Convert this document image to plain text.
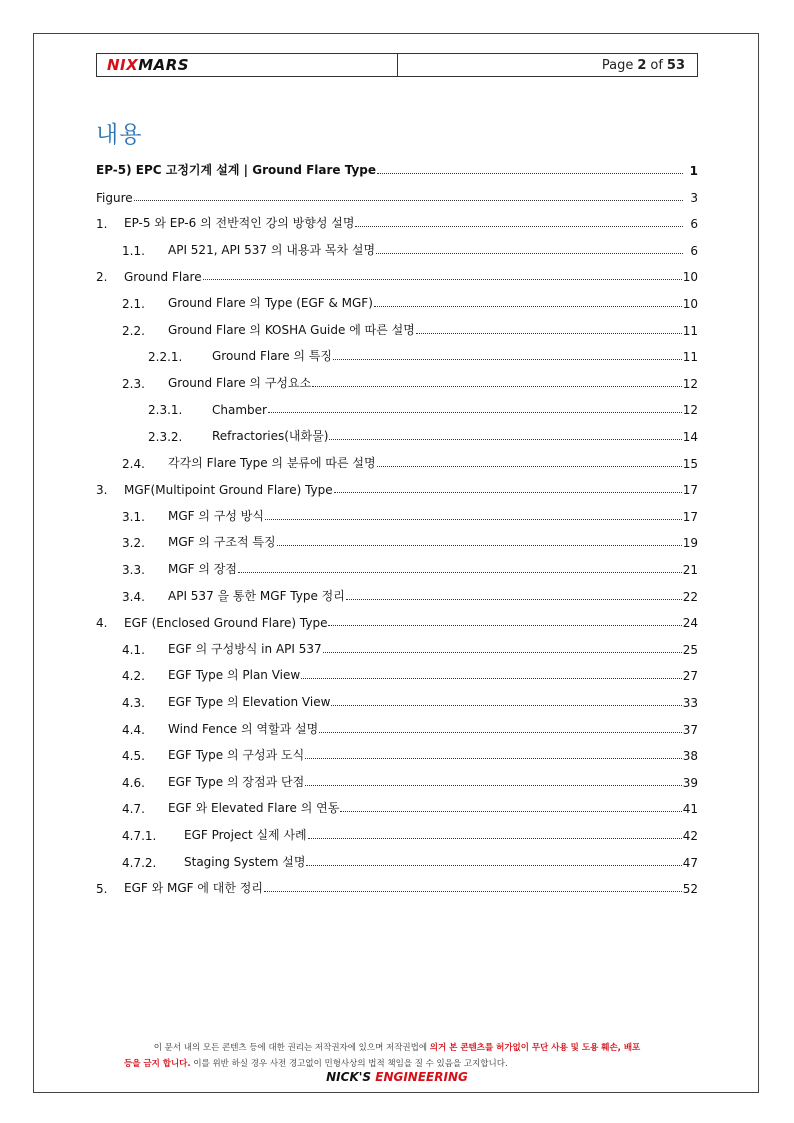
NIXMARS	Page 2 of 53
내용
EP-5) EPC 고정기계 설계 | Ground Flare Type	1
Figure	3
1.	EP-5 와 EP-6 의 전반적인 강의 방향성 설명	6
1.1.	API 521, API 537 의 내용과 목차 설명	6
2.	Ground Flare	10
2.1.	Ground Flare 의 Type (EGF & MGF)	10
2.2.	Ground Flare 의 KOSHA Guide 에 따른 설명	11
2.2.1.	Ground Flare 의 특징	11
2.3.	Ground Flare 의 구성요소	12
2.3.1.	Chamber	12
2.3.2.	Refractories(내화물)	14
2.4.	각각의 Flare Type 의 분류에 따른 설명	15
3.	MGF(Multipoint Ground Flare) Type	17
3.1.	MGF 의 구성 방식	17
3.2.	MGF 의 구조적 특징	19
3.3.	MGF 의 장점	21
3.4.	API 537 을 통한 MGF Type 정리	22
4.	EGF (Enclosed Ground Flare) Type	24
4.1.	EGF 의 구성방식 in API 537	25
4.2.	EGF Type 의 Plan View	27
4.3.	EGF Type 의 Elevation View	33
4.4.	Wind Fence 의 역할과 설명	37
4.5.	EGF Type 의 구성과 도식	38
4.6.	EGF Type 의 장점과 단점	39
4.7.	EGF 와 Elevated Flare 의 연동	41
4.7.1.	EGF Project 실제 사례	42
4.7.2.	Staging System 설명	47
5.	EGF 와 MGF 에 대한 정리	52
이 문서 내의 모든 콘텐츠 등에 대한 권리는 저작권자에 있으며 저작권법에 의거 본 콘텐츠를 허가없이 무단 사용 및 도용 훼손, 배포
등을 금지 합니다. 이를 위반 하실 경우 사전 경고없이 민형사상의 법적 책임을 질 수 있음을 고지합니다.
NICK'S ENGINEERING
